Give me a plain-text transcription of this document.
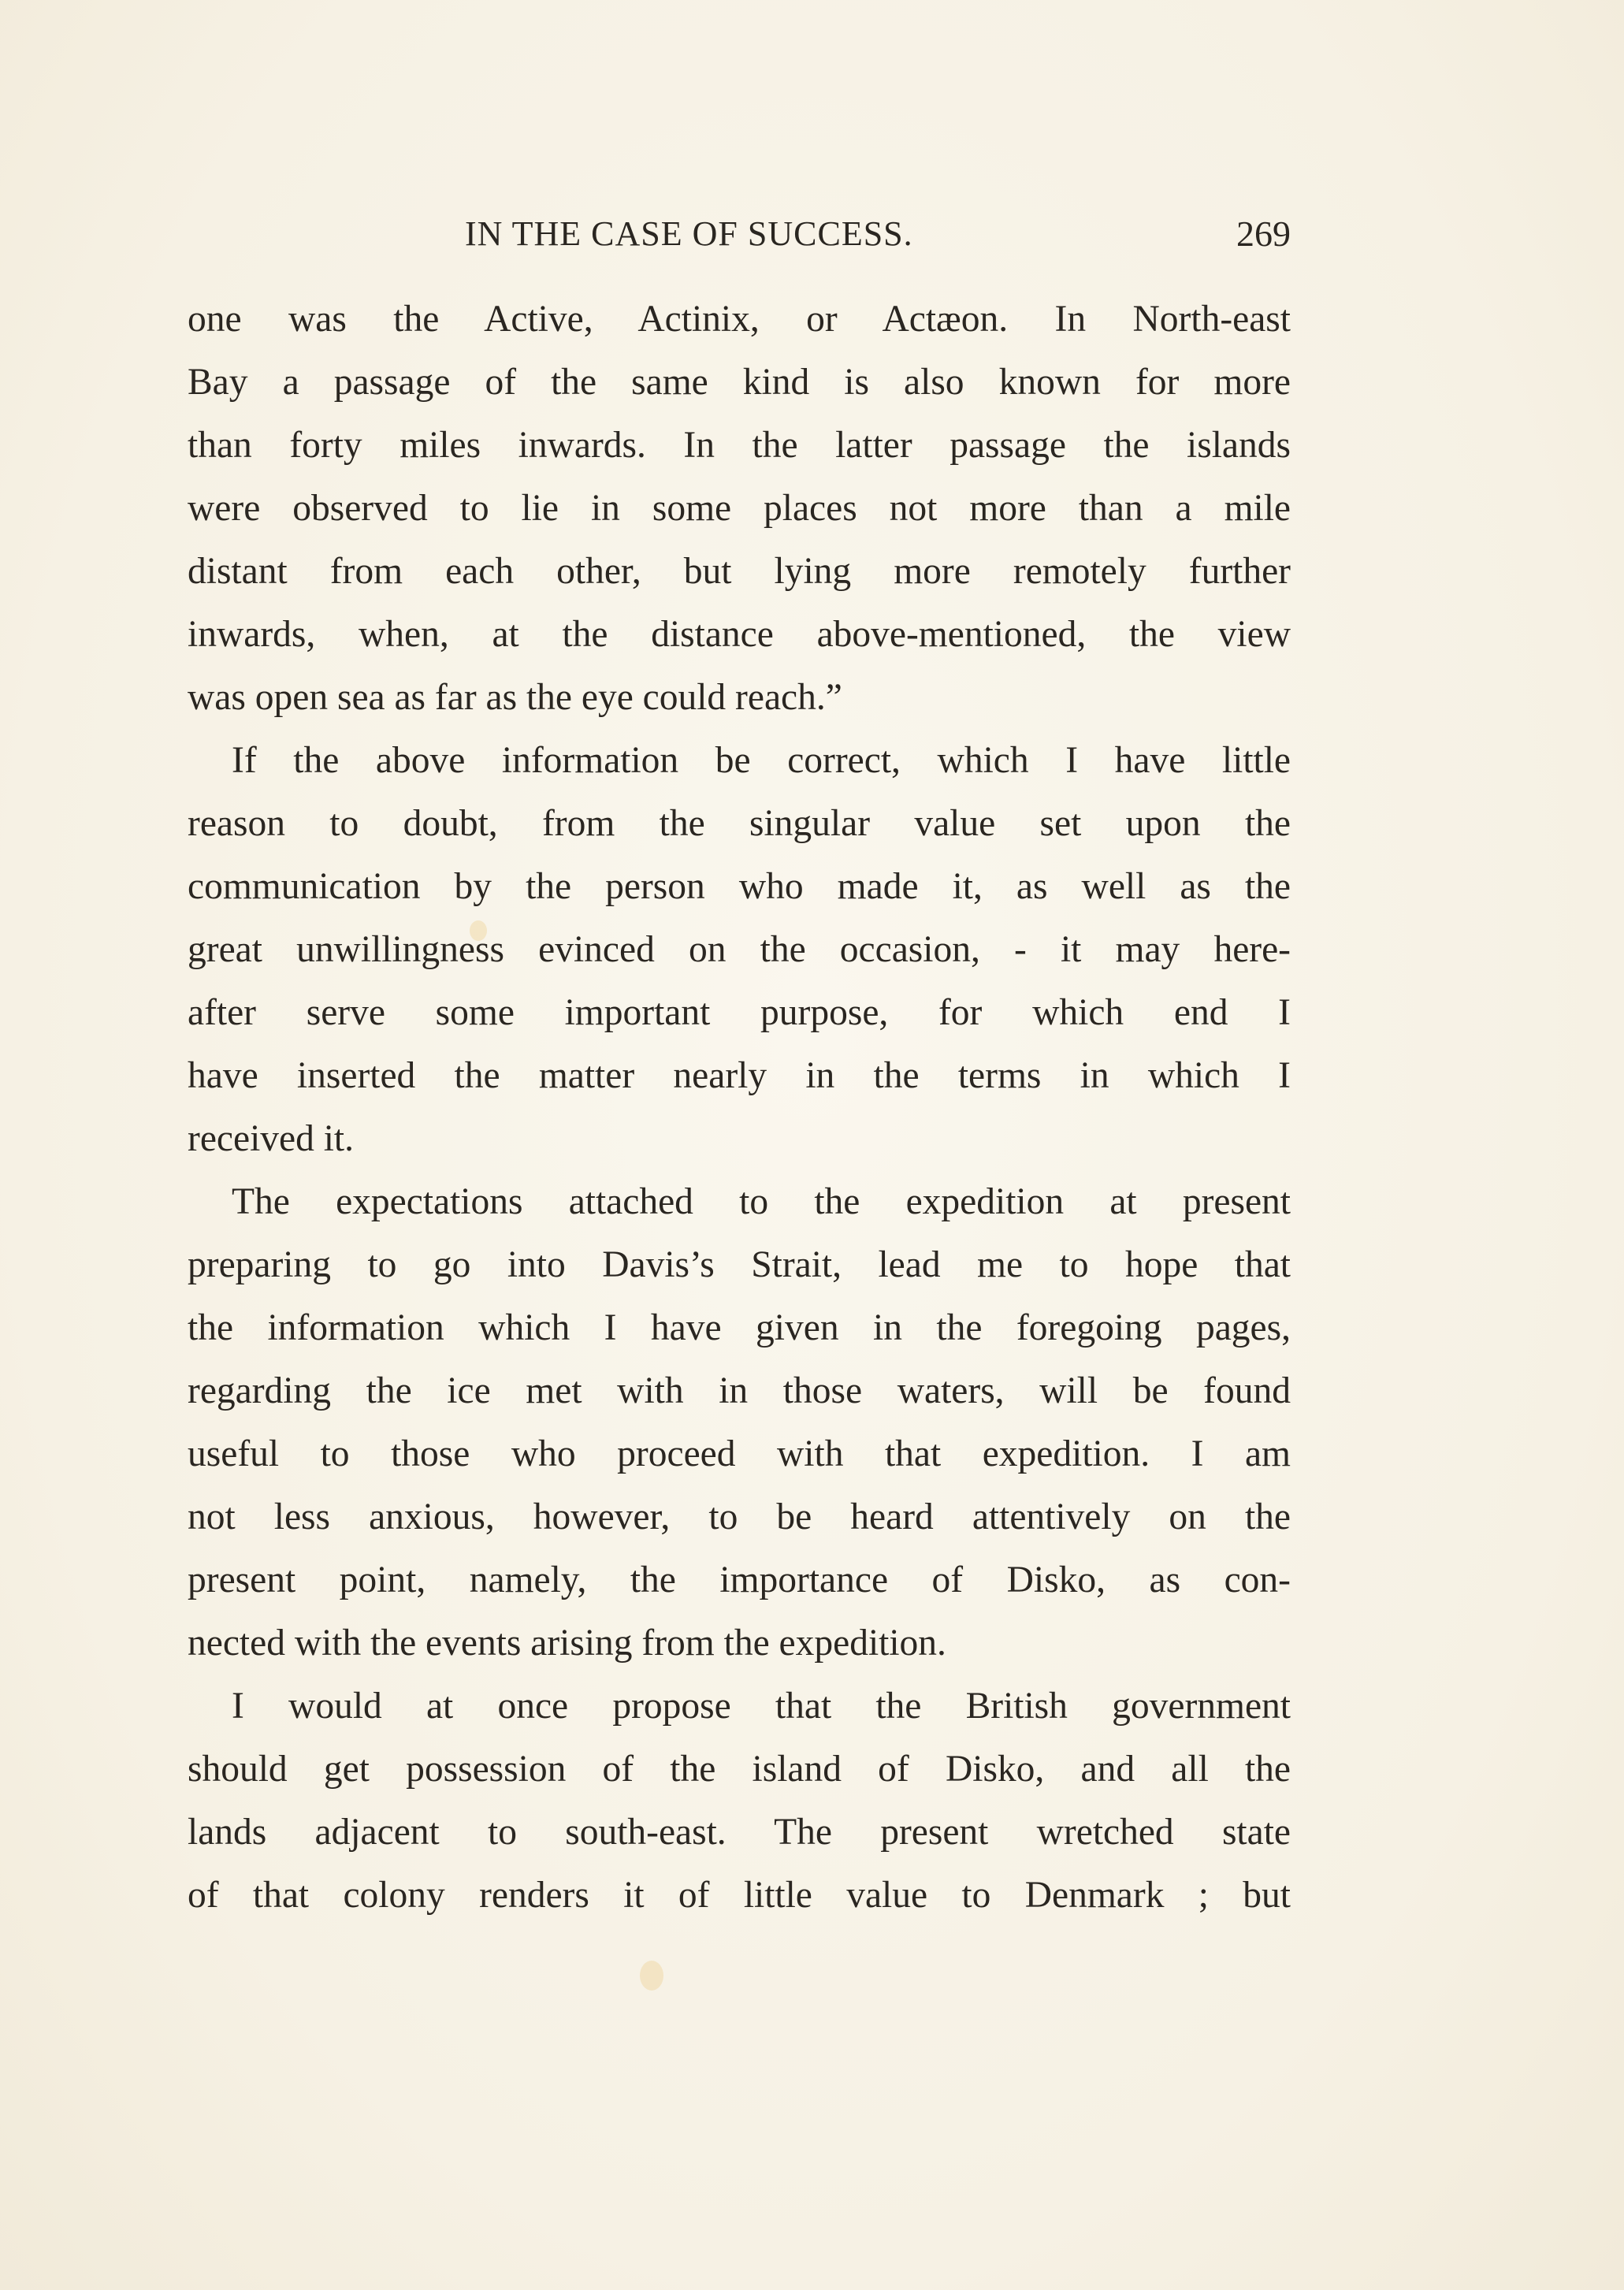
IN THE CASE OF SUCCESS.	269
one was the Active, Actinix, or Actæon. In North-east
Bay a passage of the same kind is also known for more
than forty miles inwards. In the latter passage the islands
were observed to lie in some places not more than a mile
distant from each other, but lying more remotely further
inwards, when, at the distance above-mentioned, the view
was open sea as far as the eye could reach.”
If the above information be correct, which I have little
reason to doubt, from the singular value set upon the
communication by the person who made it, as well as the
great unwillingness evinced on the occasion, - it may here-
after serve some important purpose, for which end I
have inserted the matter nearly in the terms in which I
received it.
The expectations attached to the expedition at present
preparing to go into Davis’s Strait, lead me to hope that
the information which I have given in the foregoing pages,
regarding the ice met with in those waters, will be found
useful to those who proceed with that expedition. I am
not less anxious, however, to be heard attentively on the
present point, namely, the importance of Disko, as con-
nected with the events arising from the expedition.
I would at once propose that the British government
should get possession of the island of Disko, and all the
lands adjacent to south-east. The present wretched state
of that colony renders it of little value to Denmark ; but
